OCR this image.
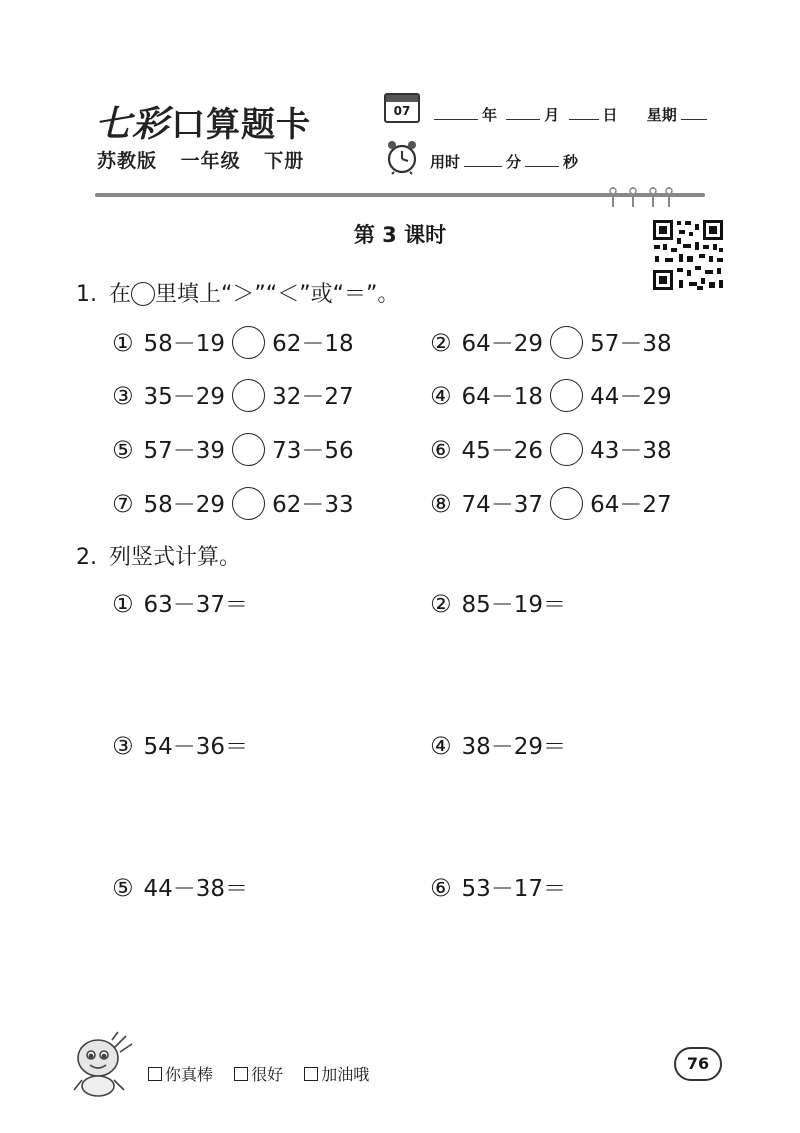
七彩口算题卡
苏教版 一年级 下册
07	年	月	日 星期
用时	分	秒
第 3 课时
1. 在 里填上“＞”“＜”或“＝”。
① 58－19 62－18	② 64－29 57－38
③ 35－29 32－27	④ 64－18 44－29
⑤ 57－39 73－56	⑥ 45－26 43－38
⑦ 58－29 62－33	⑧ 74－37 64－27
2. 列竖式计算。
① 63－37＝	② 85－19＝
③ 54－36＝	④ 38－29＝
⑤ 44－38＝	⑥ 53－17＝
你真棒 很好 加油哦
76
